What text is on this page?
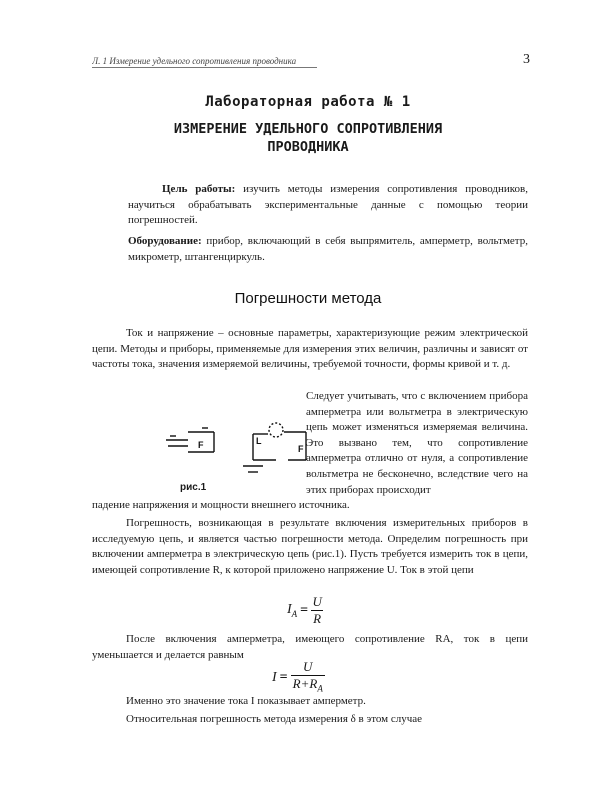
Л. 1 Измерение удельного сопротивления проводника	3
Лабораторная работа № 1
ИЗМЕРЕНИЕ УДЕЛЬНОГО СОПРОТИВЛЕНИЯ
ПРОВОДНИКА

Цель работы: изучить методы измерения сопротивления проводников, научиться обрабатывать экспериментальные данные с помощью теории погрешностей.

Оборудование: прибор, включающий в себя выпрямитель, амперметр, вольтметр, микрометр, штангенциркуль.

Погрешности метода

Ток и напряжение – основные параметры, характеризующие режим электрической цепи. Методы и приборы, применяемые для измерения этих величин, различны и зависят от частоты тока, значения измеряемой величины, требуемой точности, формы кривой и т. д.

Следует учитывать, что с включением прибора амперметра или вольтметра в электрическую цепь может изменяться измеряемая величина. Это вызвано тем, что сопротивление амперметра отлично от нуля, а сопротивление вольтметра не бесконечно, вследствие чего на этих приборах происходит

F	F
L
рис.1

падение напряжения и мощности внешнего источника.

Погрешность, возникающая в результате включения измерительных приборов в исследуемую цепь, и является частью погрешности метода. Определим погрешность при включении амперметра в электрическую цепь (рис.1). Пусть требуется измерить ток в цепи, имеющей сопротивление R, к которой приложено напряжение U. Ток в этой цепи

$I_A = \frac{U}{R}$

После включения амперметра, имеющего сопротивление RA, ток в цепи уменьшается и делается равным

$I = \frac{U}{R+R_A}$

Именно это значение тока I показывает амперметр.

Относительная погрешность метода измерения δ в этом случае
